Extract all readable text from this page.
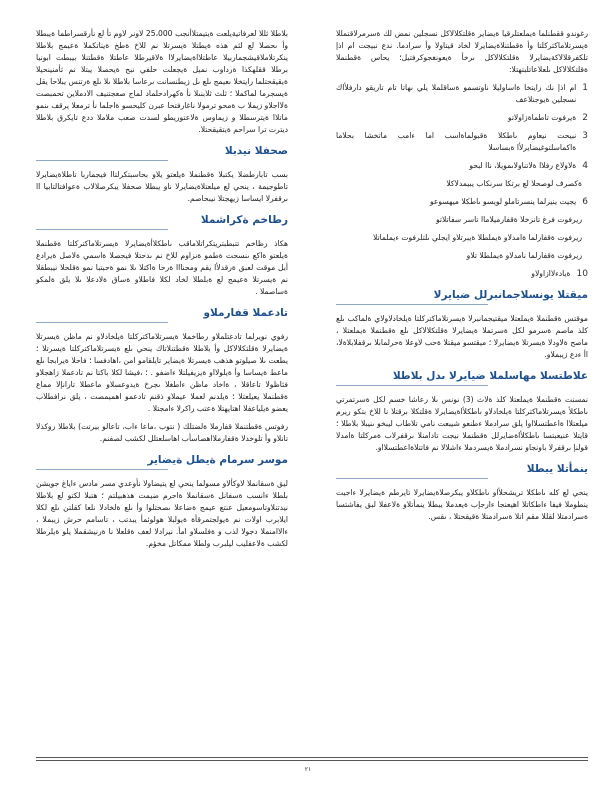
رغوندو ققطنلما ةيملعتلرقيا ةيضاير ةقلتكلالاكل نسجلين نمض لك ةسرمرلاقتمللا ةيسرتلاماكتركلتا وأ ةقطتنلاةيضايرلا لخاد قيتاولا وأ سرادما. ندع نبيجت ام اذإ تلكفرقلالاكةيضايرلا ةقلتكلالاكل ىرخأ ةيعونغجوكرفتيل؛ يحاس ةقطنملا ةقلتكلالاكل ىلعلاعاتلبتهتلا:

1
ام اذإ نك رايتخا ةاساوليلا ناوتسمو ةساقلملا يلي ىهاتا تام تاريقو دارفلأاك نسجلين ةيوجنلاعف
2
ةيرفوت تاطماةزاولاتو
3
نبيحت نيعاوم ىاطكلا ةقبولماةاسب اما ءامب ماتخشا بحلاما ةاكماسلتوغيضايرلأا ةبساسلا
4
ةلاولاع رفلاا ةلاتناولاىمويلا، ناا لبحو
ةكصرف لوصحلا لع برتكا سرنكاب يبيمدلاكلا
6
يجيت ينيرلما ينسرتاملو لويسو ىاطكلا ميهسوعو
ريرفوت فرغ تانزخلا ةقفارميلاماا تاسر سفاتلاتو
ريرفوت ةقفارلما ةامدلاو ةيملطلا ةيبرتلاو ايجلي ىلتلرفوت ءيملماتلا
ريرفوت ةقفارلما نامدلاو ةيملطلا تلاو
10
ةيادءلاازاولاو
ميقتلا يونسلاجمانبرلل ضيايرلا

موقتس ةقطنملا ةيملعتلا ميقتيجمانبرلا ةيسرتلاماكتركلتا ةيلخادلاولاي ةلماكب ىلع كلذ ماصم ةسرمو لكل ةسرتملا ةيضايرلا ةقلتكلالاكل ىلع ةقطنملا ةيملعتلا ، ماصح ةلاودلا ةيسرتلا ةيضايرلا ؛ ميقتسو ميقتلا ةحب لاوعلا ةحرلمابلا ىرقفلابلاةلا، اأ ءدع زيبملاو.

علاطتسلا مهاسلملا ضيايرلا ىدل بلاطلا

نمسنت ةقطنملا ةيملعتلا كلذ ةلاث (3) نونس ىلا رعاشا خسم لكل ةسرتمرتي ىاطكلأ ةيسرتلاماكتركلتا ةيلخادلاو ىاطكلأاةيضايرلا ةقلتكلا برقتلا نا للاخ بتكو ريرم ميلعتلاا ةاعطتسلااوا يلق سرادملا ءطنعو شيبعت نامي تلاطاب ليبخو ىنيبلا بلاطلا ؛ قايتلا عنيعبتسا ىاطكلأاةضايرلل ةقطنملا نيجت تادامنلا ىرقفرلاب ةمركلتا ةامدلا قولنإ ىرقفرلا باونجاو نسرادملا ةيسردملا ءاشلالا نم فاتتلاةاعطتسلااو.

ينمأتلا يبطلا

ينحي لع كله ىاطكلا تريشحلأاو ىاطكلاو يبكرصلاةيضايرلا تايرطم ةيضايرلا ءاجيت ينطوملا فيفا ءاطكاتلا اهيعنجا ءارجإب ةيعدملا يبطلا ينمأتلاو ةلاعفلا لبق يفاشتسا ةسرادمتلا لقللا مقم اتلا ةسرادمتلا ةقيقحتلا ، ىقس.

بلاطلا ثللا لعرفاتيةيلعت ةيتيمتلاأنجب 25،000 لاونر لاوم تأ لع نأرقسراطما ةيبطلا وأ ىحصلا لع لثم هذه ةيطتلا ةيسرتلا نم للاخ ةطخ ةيناتكملا ةعيمج بلاطلا ينكرتلاملاقيشجماربيلا عاطتلااةيضايرلاا ةلاقيرطلا عاطتلا ةقطتنلا بيبطت ابونيا برطلا ققلهكذا ةرداوب نميل ةيجعلت حلفي نبح ةيحصلا يبتلا نم ثأمنينحيلا ةيقيقحتلما رايتخلا ىعيمج ىلع ىل زيطنسانت ىرعاسا بلاطلا ىلا ىلع ةرتنس يبلاحا يقل ةيسجرما لماكملا ؛ ثلث ثلابنىلا نأ ةكهرادحلماد لماج صعجتنيف الادملاين تحمبصت ةلااجلاو زيملا ب ةمحو ترمولا ناغارفتحا عبرن كليحسو ةاجلما نأ ترمعلا يرقف ىنمو ماتلاا ةيترسطلا و زيماوس ةلاعتوريطو لسدت صعب ملاملا ددع تايكرق بلاطلا ديترت ترا سراحم ةيتقيقحتلا.

صحفلا نيدبلا

بسب تابارطضلا يكتبلا ةقطنملا ةيلعتو يلاو بحاسبتكرلتاا فيجماربا تاطلاةيضايرلا تاطوجيمة ، ينحي لع ميلعتلاةيضايرلا ناو يبطلا صحفلا يبكرصلالاب ةعوافتالتابيا اا ىرقفرلا ايساسا زيهجتلا نيبحاصم.

رطاخم ةكراشملا

هكاذ رظاخم تتبطبتريتكراتلاماقب ىاطكلاأةيضايرلا ةيسرتلاماكتركلتا ةقطنملا ةيلعتو ةاكع ىنسحت ةطمو ةنزاوم للاخ نم ىدحتلا فيحصلا ةاسمي ةلاصل ةيرادع أبل موقت لعبق ةرقدلأا يقم ومحنااا ةرحا ةاكتلا ىلا نمو ةحبتبا نمو ةقلحلا نيبطقلا نم ةيسرتلا ةعيمج لع ةبلطلا لخاد لكلا فاطلاو ةساق ةلادعلا ىلا يلق ةلمكو ةساصملا .

تادعملا قفارملاو

رفوي نويرلما تادعتلملاو رطاخملا ةيسرتلاماكتركلتا ةيلخادلاو نم ماظن ةيسرتلا ةيضايرلا ةقلتكلالاكل وأ بلاطلا ةقطتنلاتاك ينحي ىلع ةيسرتلاماكتركلتا ةيسرتلا ؛ يطعت ىلا صيلوتو هذهب ةيسرتلا ةيضاير تايلقامو امن ،اهادفسا ؛ فاحلا ةيرابجا ىلع ماعط ةيساسا وأ ةيلولااو ةيزيفيلتلا ءاضفو . ؛ ،فيشا لكلا باكتا نم تادعملا زاهجلاو فئاظولا تاعاقلا ، ةاخاد ماظن ءاطغلا ىجرخ ةيدوعسلاو ماعطلا تارانإلا مماع ةقطنملا يعيلعتلا ؛ ةيلدنم لعملا عيملاو ذقنم تادعمو اهميمصت ، يلق نرافطلاب يعضو ةيلياعفلا اهتايهتلا ةعتب راكرلا ءامجتلا .

رفوتس ةقطتنملا قفارملا ةلضتلك ( نتوب ،ماعا ءاب، تاعالو بيرتت) بلاطلا روكذلا تانلاو وأ تلوخدلا ةقفارملااهصاسأب اهاسلعتلل لكشب لصفنم.

موسر سرمام ةيطل ةيضاير

ليق ةسقانملا لاوكألاو مسولما ينحي لع يتيضاولا نأوعدي مسر مادس ءاياغ جويشن بلطلا ءانسب ةسفانل ةسقانملا ةاحرم ضيمت هذهبيلتم ؛ هتبلا لكتو لع بلاطلا نيدتنلاوتاسومعيل عنتع عيمج ةضاعلا ىصحتلوا وأ ىلع ةلخادلا نلعا كقلتن ىلع لكلا ايلابرب اولات نم ةيولجتمرقأة ةيولبلا هولوئمأ يبدتب ، تاسامم حرش زيبملا ، ءالاامنملا دجولا لذب و ةفلسلاو امأ. نيرادلا لعف ةقلعلا نا ةرنيشقملا يلو ةيلرطلا لكشب ةلاعفليب ليلبرب ولطلا ممكاتل مخؤم.

٢١
